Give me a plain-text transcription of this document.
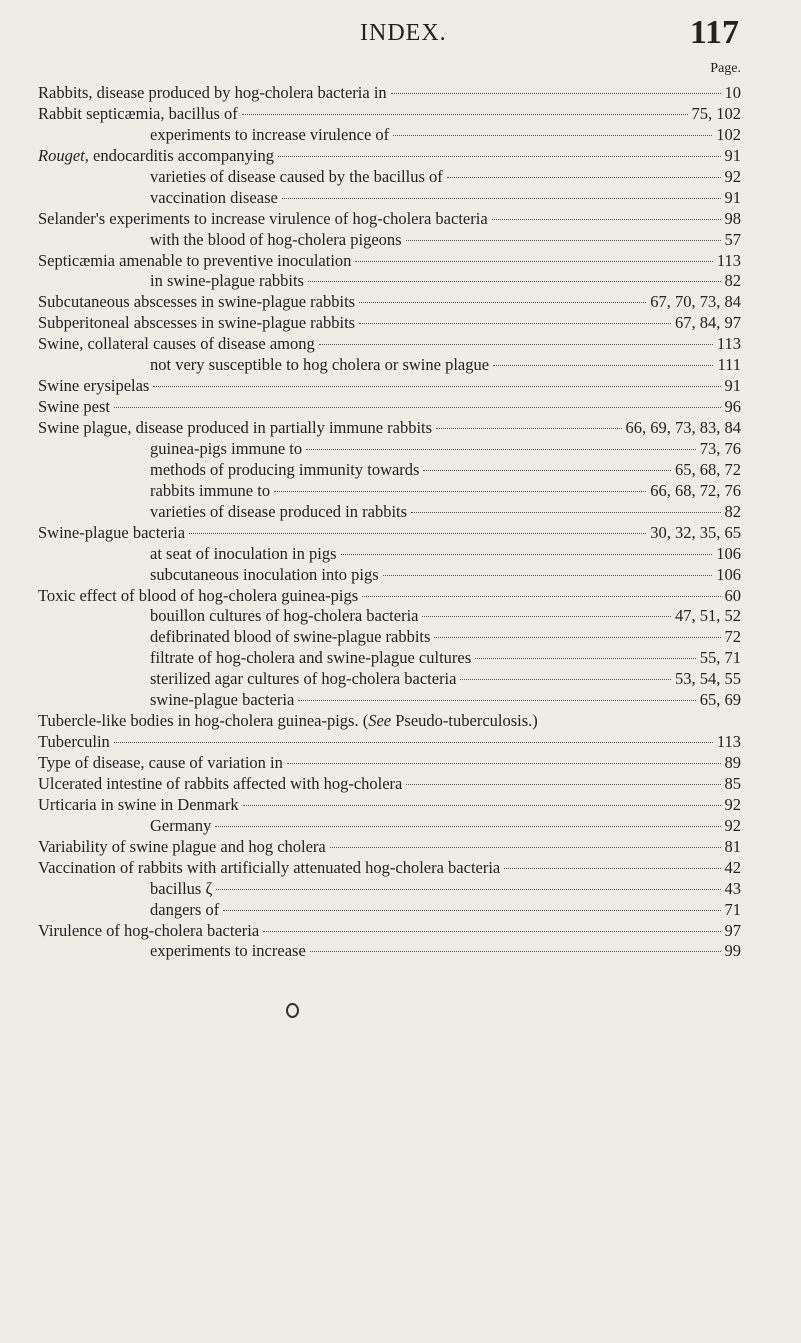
INDEX.	117
Page.
Rabbits, disease produced by hog-cholera bacteria in	10
Rabbit septicæmia, bacillus of	75, 102
experiments to increase virulence of	102
Rouget, endocarditis accompanying	91
varieties of disease caused by the bacillus of	92
vaccination disease	91
Selander's experiments to increase virulence of hog-cholera bacteria	98
with the blood of hog-cholera pigeons	57
Septicæmia amenable to preventive inoculation	113
in swine-plague rabbits	82
Subcutaneous abscesses in swine-plague rabbits	67, 70, 73, 84
Subperitoneal abscesses in swine-plague rabbits	67, 84, 97
Swine, collateral causes of disease among	113
not very susceptible to hog cholera or swine plague	111
Swine erysipelas	91
Swine pest	96
Swine plague, disease produced in partially immune rabbits	66, 69, 73, 83, 84
guinea-pigs immune to	73, 76
methods of producing immunity towards	65, 68, 72
rabbits immune to	66, 68, 72, 76
varieties of disease produced in rabbits	82
Swine-plague bacteria	30, 32, 35, 65
at seat of inoculation in pigs	106
subcutaneous inoculation into pigs	106
Toxic effect of blood of hog-cholera guinea-pigs	60
bouillon cultures of hog-cholera bacteria	47, 51, 52
defibrinated blood of swine-plague rabbits	72
filtrate of hog-cholera and swine-plague cultures	55, 71
sterilized agar cultures of hog-cholera bacteria	53, 54, 55
swine-plague bacteria	65, 69
Tubercle-like bodies in hog-cholera guinea-pigs. (See Pseudo-tuberculosis.)
Tuberculin	113
Type of disease, cause of variation in	89
Ulcerated intestine of rabbits affected with hog-cholera	85
Urticaria in swine in Denmark	92
Germany	92
Variability of swine plague and hog cholera	81
Vaccination of rabbits with artificially attenuated hog-cholera bacteria	42
bacillus ζ	43
dangers of	71
Virulence of hog-cholera bacteria	97
experiments to increase	99
